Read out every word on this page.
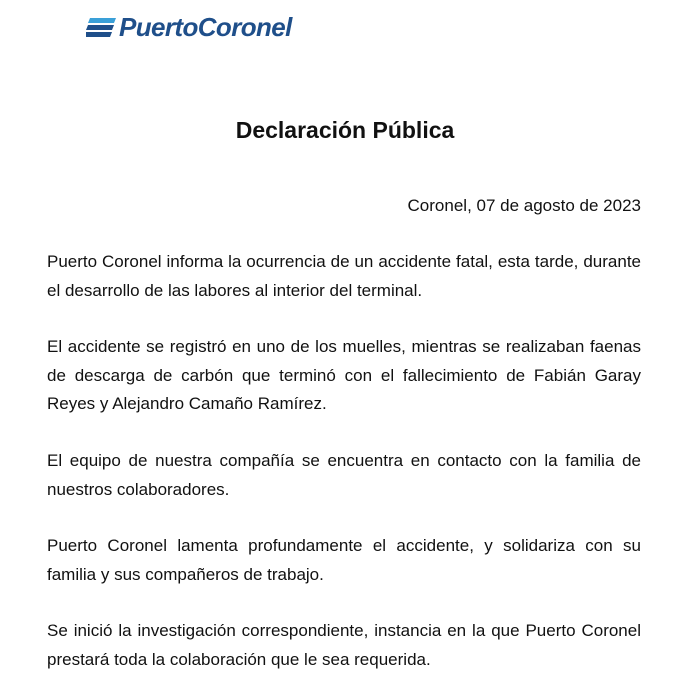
PuertoCoronel
Declaración Pública
Coronel, 07 de agosto de 2023

Puerto Coronel informa la ocurrencia de un accidente fatal, esta tarde, durante el desarrollo de las labores al interior del terminal.

El accidente se registró en uno de los muelles, mientras se realizaban faenas de descarga de carbón que terminó con el fallecimiento de Fabián Garay Reyes y Alejandro Camaño Ramírez.

El equipo de nuestra compañía se encuentra en contacto con la familia de nuestros colaboradores.

Puerto Coronel lamenta profundamente el accidente, y solidariza con su familia y sus compañeros de trabajo.

Se inició la investigación correspondiente, instancia en la que Puerto Coronel prestará toda la colaboración que le sea requerida.
